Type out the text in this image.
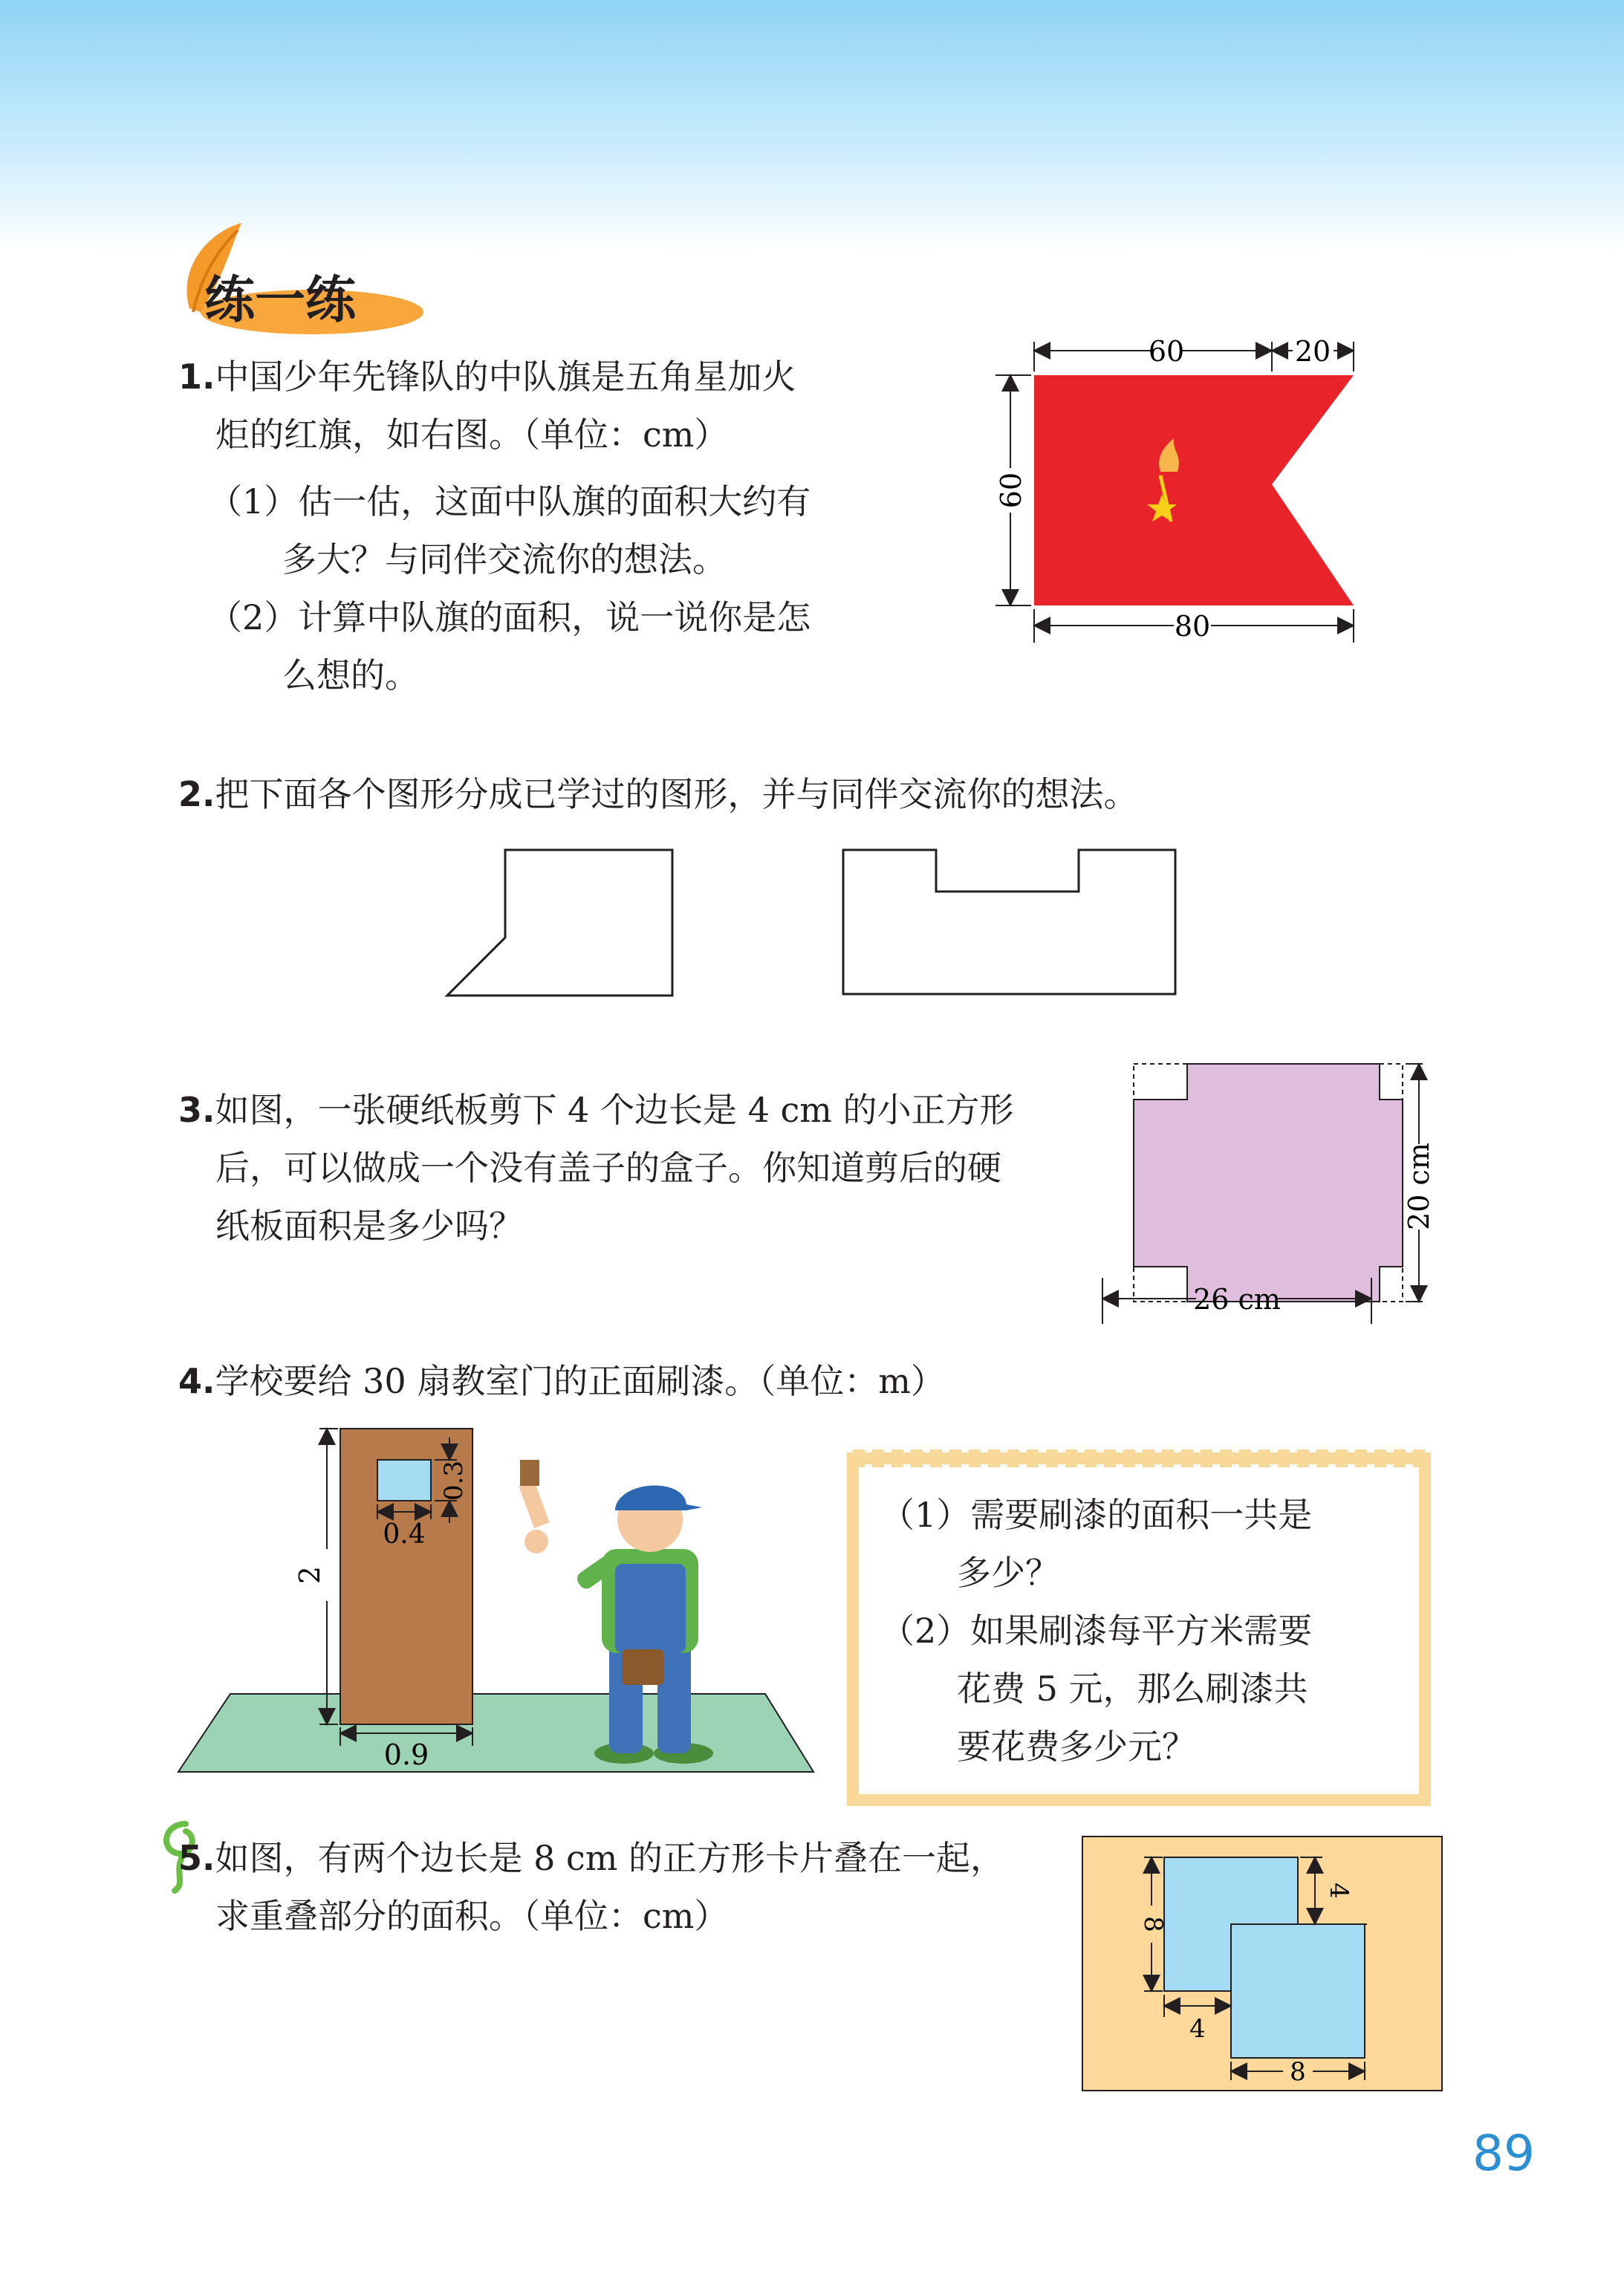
练一练
1.中国少年先锋队的中队旗是五角星加火
炬的红旗，如右图。（单位：cm）
（1）估一估，这面中队旗的面积大约有
多大？与同伴交流你的想法。
（2）计算中队旗的面积，说一说你是怎
么想的。
60	20
60
80
2.把下面各个图形分成已学过的图形，并与同伴交流你的想法。
3.如图，一张硬纸板剪下 4 个边长是 4 cm 的小正方形
后，可以做成一个没有盖子的盒子。你知道剪后的硬
纸板面积是多少吗？	20 cm
26 cm
4.学校要给 30 扇教室门的正面刷漆。（单位：m）
2
0.9
0.4
0.3
（1）需要刷漆的面积一共是
多少？
（2）如果刷漆每平方米需要
花费 5 元，那么刷漆共
要花费多少元？
5.如图，有两个边长是 8 cm 的正方形卡片叠在一起，
求重叠部分的面积。（单位：cm）	8
4
4
8
89
